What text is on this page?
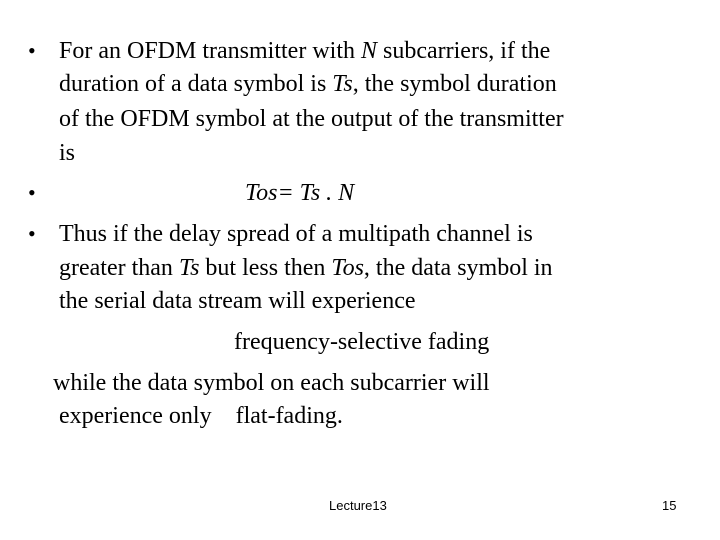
• For an OFDM transmitter with N subcarriers, if the
duration of a data symbol is Ts, the symbol duration
of the OFDM symbol at the output of the transmitter
is
•	Tos= Ts . N
• Thus if the delay spread of a multipath channel is
greater than Ts but less then Tos, the data symbol in
the serial data stream will experience
frequency-selective fading
while the data symbol on each subcarrier will
experience only    flat-fading.
Lecture13	15
